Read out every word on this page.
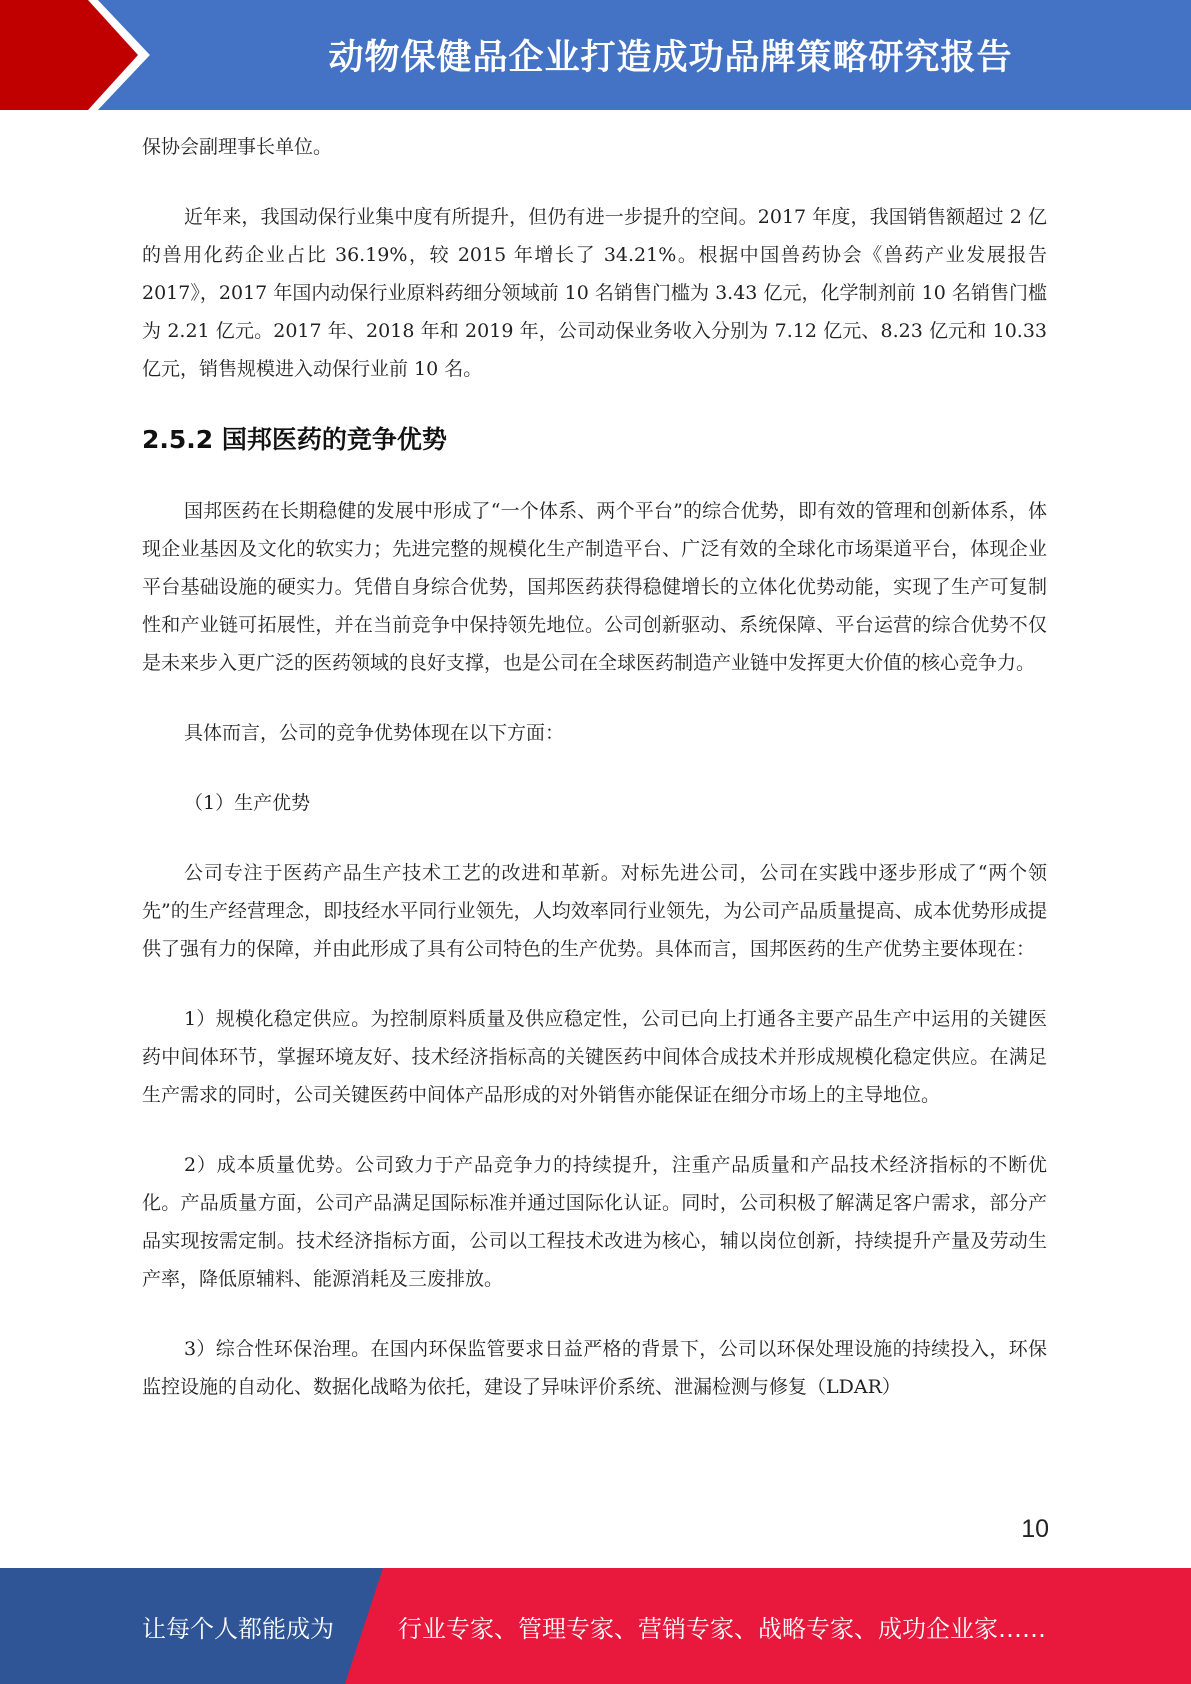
动物保健品企业打造成功品牌策略研究报告

保协会副理事长单位。

近年来，我国动保行业集中度有所提升，但仍有进一步提升的空间。2017 年度，我国销售额超过 2 亿的兽用化药企业占比 36.19%，较 2015 年增长了 34.21%。根据中国兽药协会《兽药产业发展报告 2017》，2017 年国内动保行业原料药细分领域前 10 名销售门槛为 3.43 亿元，化学制剂前 10 名销售门槛为 2.21 亿元。2017 年、2018 年和 2019 年，公司动保业务收入分别为 7.12 亿元、8.23 亿元和 10.33 亿元，销售规模进入动保行业前 10 名。

2.5.2 国邦医药的竞争优势

国邦医药在长期稳健的发展中形成了“一个体系、两个平台”的综合优势，即有效的管理和创新体系，体现企业基因及文化的软实力；先进完整的规模化生产制造平台、广泛有效的全球化市场渠道平台，体现企业平台基础设施的硬实力。凭借自身综合优势，国邦医药获得稳健增长的立体化优势动能，实现了生产可复制性和产业链可拓展性，并在当前竞争中保持领先地位。公司创新驱动、系统保障、平台运营的综合优势不仅是未来步入更广泛的医药领域的良好支撑，也是公司在全球医药制造产业链中发挥更大价值的核心竞争力。

具体而言，公司的竞争优势体现在以下方面：

（1）生产优势

公司专注于医药产品生产技术工艺的改进和革新。对标先进公司，公司在实践中逐步形成了“两个领先”的生产经营理念，即技经水平同行业领先，人均效率同行业领先，为公司产品质量提高、成本优势形成提供了强有力的保障，并由此形成了具有公司特色的生产优势。具体而言，国邦医药的生产优势主要体现在：

1）规模化稳定供应。为控制原料质量及供应稳定性，公司已向上打通各主要产品生产中运用的关键医药中间体环节，掌握环境友好、技术经济指标高的关键医药中间体合成技术并形成规模化稳定供应。在满足生产需求的同时，公司关键医药中间体产品形成的对外销售亦能保证在细分市场上的主导地位。

2）成本质量优势。公司致力于产品竞争力的持续提升，注重产品质量和产品技术经济指标的不断优化。产品质量方面，公司产品满足国际标准并通过国际化认证。同时，公司积极了解满足客户需求，部分产品实现按需定制。技术经济指标方面，公司以工程技术改进为核心，辅以岗位创新，持续提升产量及劳动生产率，降低原辅料、能源消耗及三废排放。

3）综合性环保治理。在国内环保监管要求日益严格的背景下，公司以环保处理设施的持续投入，环保监控设施的自动化、数据化战略为依托，建设了异味评价系统、泄漏检测与修复（LDAR）

10
让每个人都能成为	行业专家、管理专家、营销专家、战略专家、成功企业家……
